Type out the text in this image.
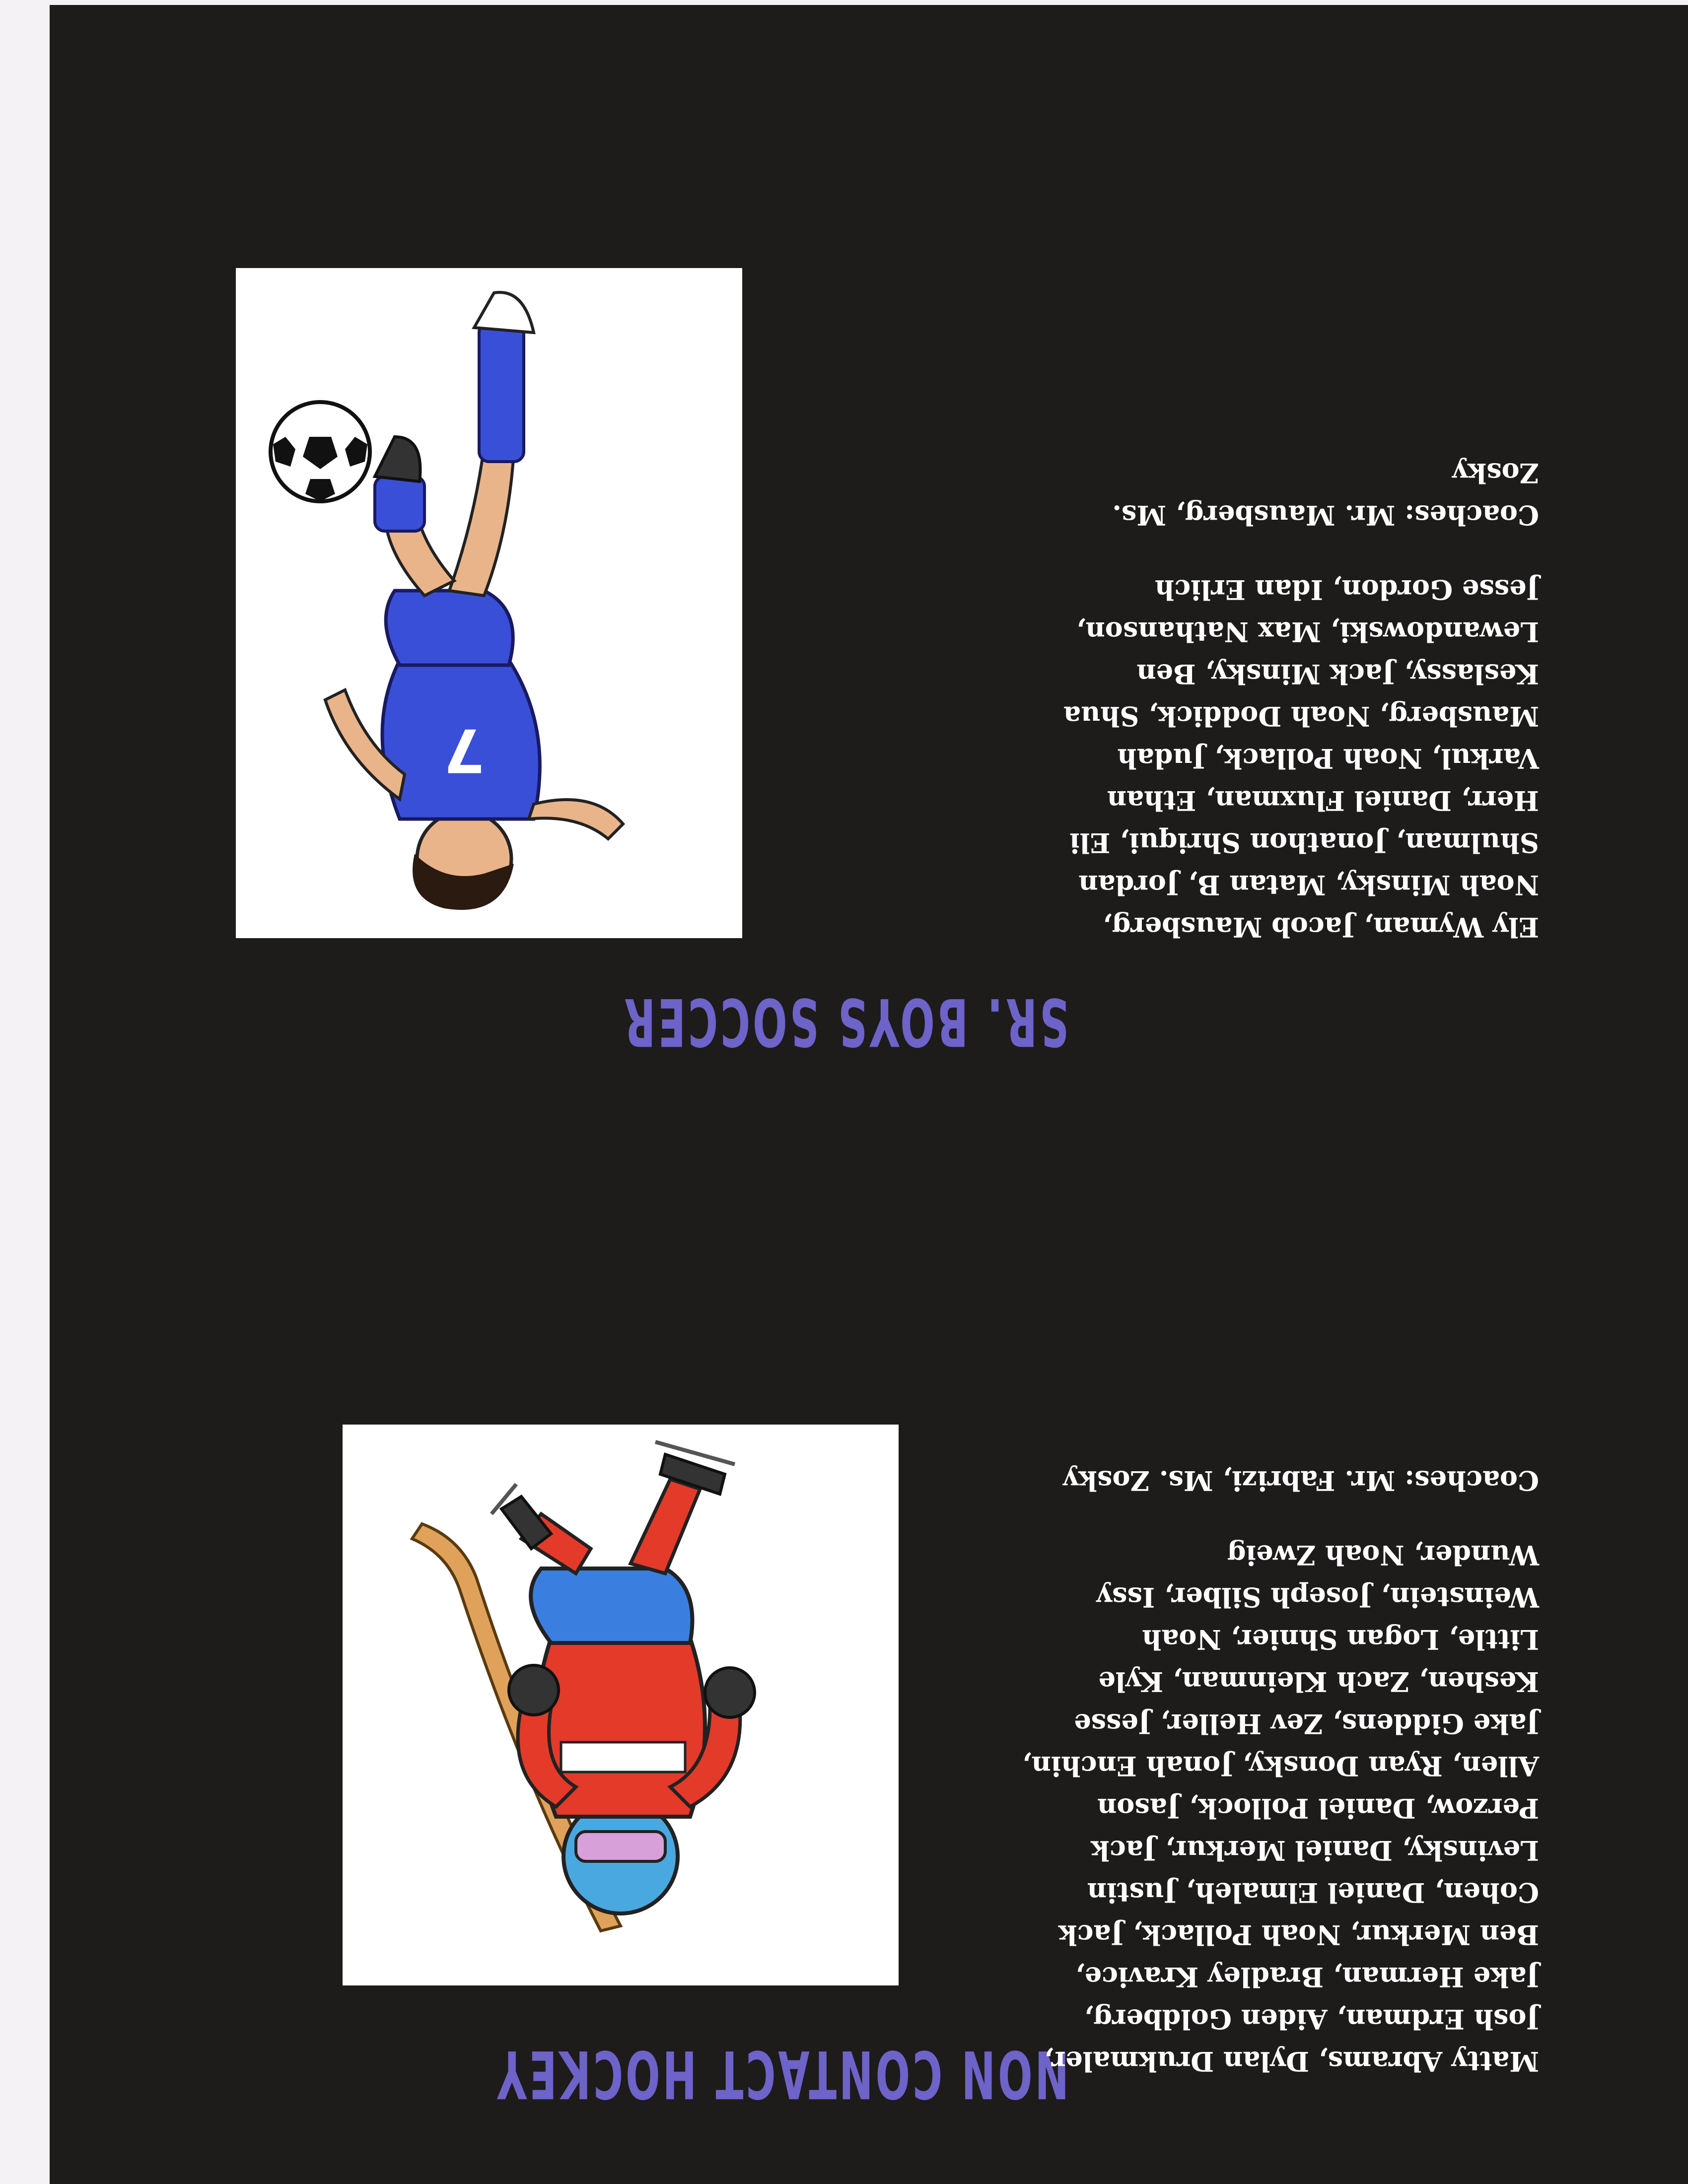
NON CONTACT HOCKEY

Matty Abrams, Dylan Drukmaler, Josh Erdman, Aiden Goldberg, Jake Herman, Bradley Kravice, Ben Merkur, Noah Pollack, Jack Cohen, Daniel Elmaleh, Justin Levinsky, Daniel Merkur, Jack Perzow, Daniel Pollock, Jason Allen, Ryan Donsky, Jonah Enchin, Jake Giddens, Zev Heller, Jesse Keshen, Zach Kleinman, Kyle Little, Logan Shnier, Noah Weinstein, Joseph Silber, Issy Wunder, Noah Zweig

Coaches: Mr. Fabrizi, Ms. Zosky

SR. BOYS SOCCER

Ely Wyman, Jacob Mausberg, Noah Minsky, Matan B, Jordan Shulman, Jonathon Shriqui, Eli Herr, Daniel Fluxman, Ethan Varkul, Noah Pollack, Judah Mausberg, Noah Doddick, Shua Keslassy, Jack Minsky, Ben Lewandowski, Max Nathanson, Jesse Gordon, Idan Erlich

Coaches: Mr. Mausberg, Ms. Zosky

7
